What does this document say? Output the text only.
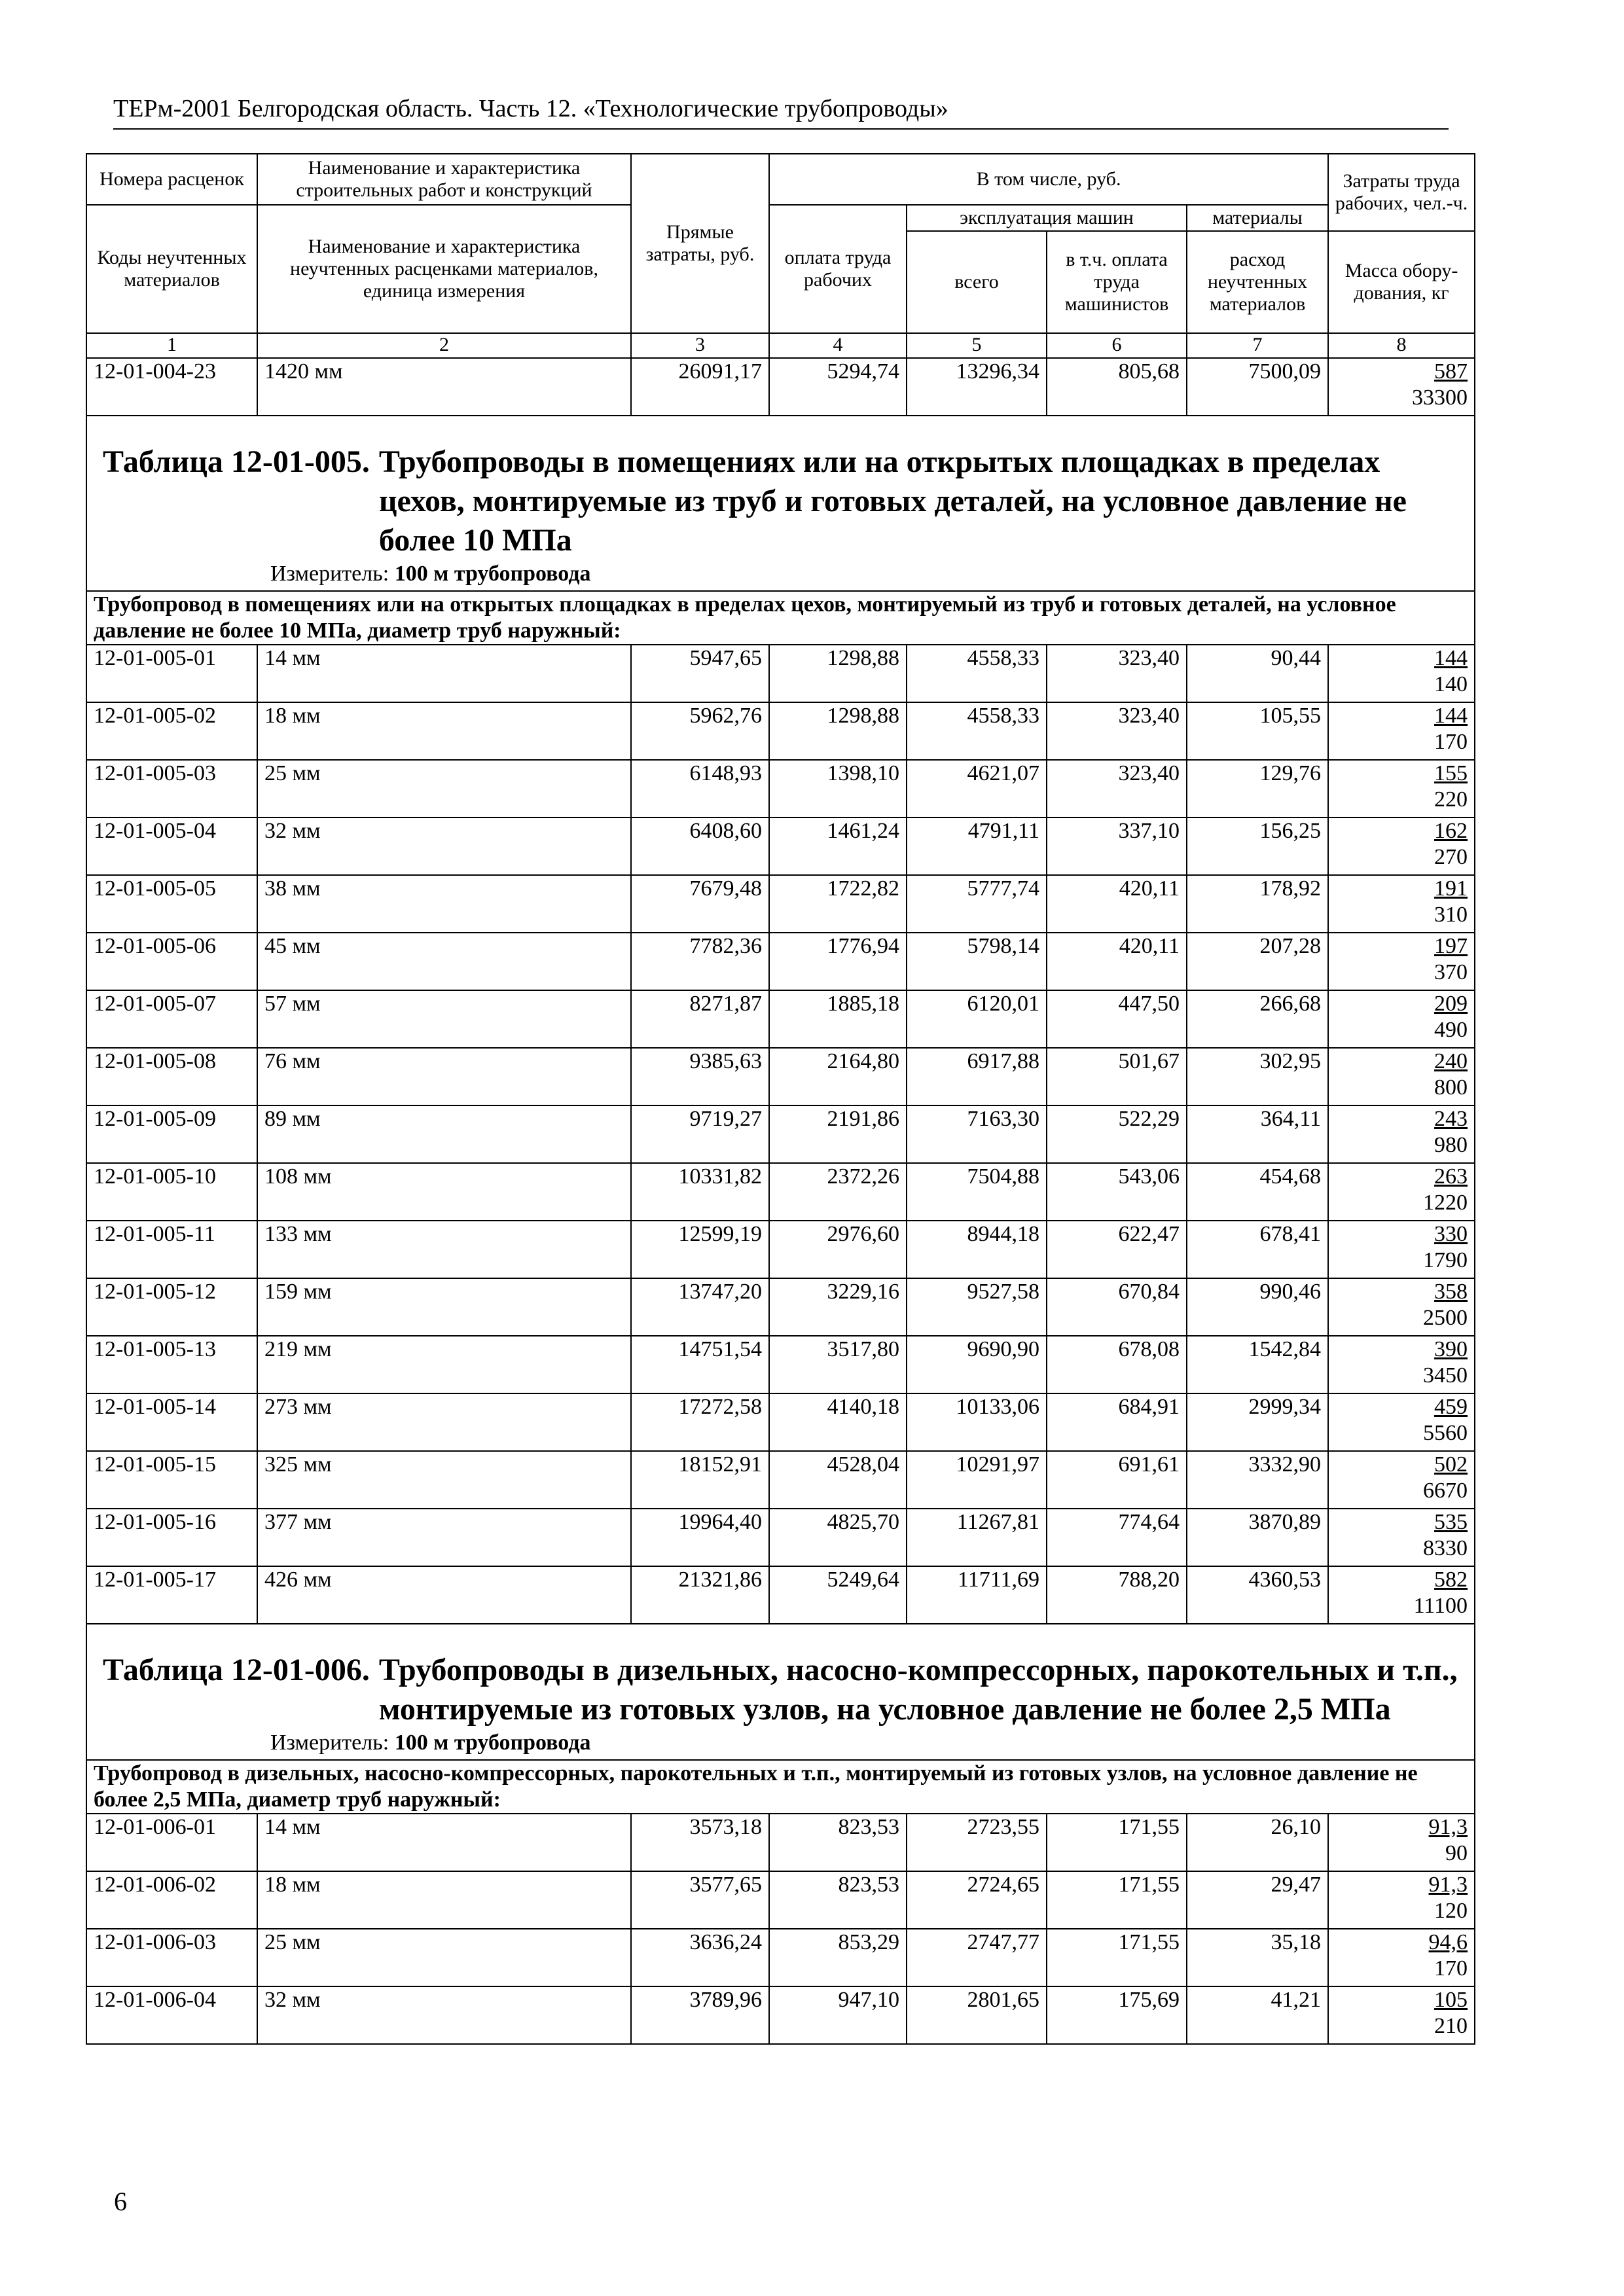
ТЕРм-2001 Белгородская область. Часть 12. «Технологические трубопроводы»
Номера расценок	Наименование и характеристика строительных работ и конструкций	Прямые затраты, руб.	В том числе, руб.				Затраты труда рабочих, чел.-ч.
Коды неучтенных материалов	Наименование и характеристика неучтенных расценками материалов, единица измерения		оплата труда рабочих	эксплуатация машин		материалы	
				всего	в т.ч. оплата труда машинистов	расход неучтенных материалов	Масса обору-дования, кг
1	2	3	4	5	6	7	8
12-01-004-23	1420 мм	26091,17	5294,74	13296,34	805,68	7500,09	587
33300

Таблица 12-01-005. Трубопроводы в помещениях или на открытых площадках в пределах цехов, монтируемые из труб и готовых деталей, на условное давление не более 10 МПа
Измеритель: 100 м трубопровода							

Трубопровод в помещениях или на открытых площадках в пределах цехов, монтируемый из труб и готовых деталей, на условное давление не более 10 МПа, диаметр труб наружный:							
12-01-005-01	14 мм	5947,65	1298,88	4558,33	323,40	90,44	144
140

12-01-005-02	18 мм	5962,76	1298,88	4558,33	323,40	105,55	144
170

12-01-005-03	25 мм	6148,93	1398,10	4621,07	323,40	129,76	155
220

12-01-005-04	32 мм	6408,60	1461,24	4791,11	337,10	156,25	162
270

12-01-005-05	38 мм	7679,48	1722,82	5777,74	420,11	178,92	191
310

12-01-005-06	45 мм	7782,36	1776,94	5798,14	420,11	207,28	197
370

12-01-005-07	57 мм	8271,87	1885,18	6120,01	447,50	266,68	209
490

12-01-005-08	76 мм	9385,63	2164,80	6917,88	501,67	302,95	240
800

12-01-005-09	89 мм	9719,27	2191,86	7163,30	522,29	364,11	243
980

12-01-005-10	108 мм	10331,82	2372,26	7504,88	543,06	454,68	263
1220

12-01-005-11	133 мм	12599,19	2976,60	8944,18	622,47	678,41	330
1790

12-01-005-12	159 мм	13747,20	3229,16	9527,58	670,84	990,46	358
2500

12-01-005-13	219 мм	14751,54	3517,80	9690,90	678,08	1542,84	390
3450

12-01-005-14	273 мм	17272,58	4140,18	10133,06	684,91	2999,34	459
5560

12-01-005-15	325 мм	18152,91	4528,04	10291,97	691,61	3332,90	502
6670

12-01-005-16	377 мм	19964,40	4825,70	11267,81	774,64	3870,89	535
8330

12-01-005-17	426 мм	21321,86	5249,64	11711,69	788,20	4360,53	582
11100

Таблица 12-01-006. Трубопроводы в дизельных, насосно-компрессорных, парокотельных и т.п., монтируемые из готовых узлов, на условное давление не более 2,5 МПа
Измеритель: 100 м трубопровода							

Трубопровод в дизельных, насосно-компрессорных, парокотельных и т.п., монтируемый из готовых узлов, на условное давление не более 2,5 МПа, диаметр труб наружный:							
12-01-006-01	14 мм	3573,18	823,53	2723,55	171,55	26,10	91,3
90

12-01-006-02	18 мм	3577,65	823,53	2724,65	171,55	29,47	91,3
120

12-01-006-03	25 мм	3636,24	853,29	2747,77	171,55	35,18	94,6
170

12-01-006-04	32 мм	3789,96	947,10	2801,65	175,69	41,21	105
210
6
